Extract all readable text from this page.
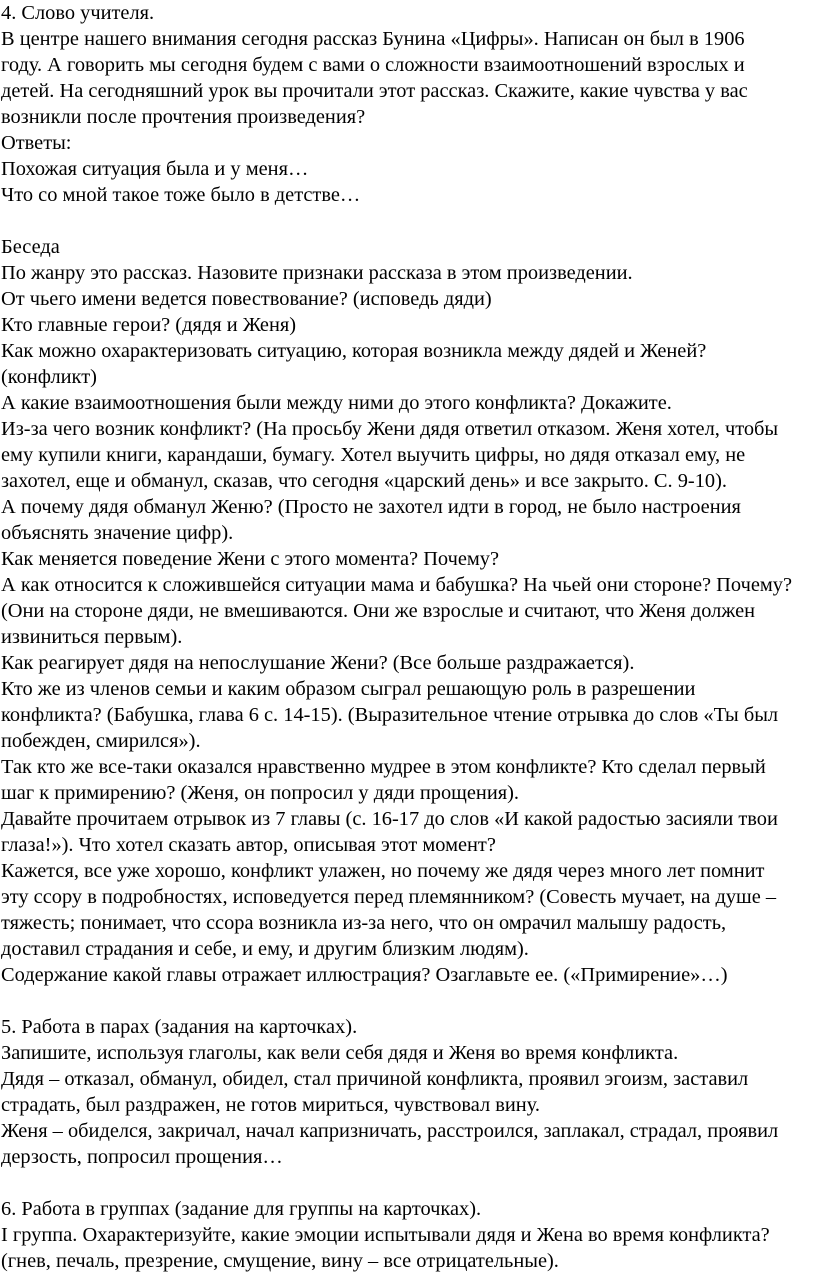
4. Слово учителя.
В центре нашего внимания сегодня рассказ Бунина «Цифры». Написан он был в 1906
году. А говорить мы сегодня будем с вами о сложности взаимоотношений взрослых и
детей. На сегодняшний урок вы прочитали этот рассказ. Скажите, какие чувства у вас
возникли после прочтения произведения?
Ответы:
Похожая ситуация была и у меня…
Что со мной такое тоже было в детстве…
Беседа
По жанру это рассказ. Назовите признаки рассказа в этом произведении.
От чьего имени ведется повествование? (исповедь дяди)
Кто главные герои? (дядя и Женя)
Как можно охарактеризовать ситуацию, которая возникла между дядей и Женей?
(конфликт)
А какие взаимоотношения были между ними до этого конфликта? Докажите.
Из-за чего возник конфликт? (На просьбу Жени дядя ответил отказом. Женя хотел, чтобы
ему купили книги, карандаши, бумагу. Хотел выучить цифры, но дядя отказал ему, не
захотел, еще и обманул, сказав, что сегодня «царский день» и все закрыто. С. 9-10).
А почему дядя обманул Женю? (Просто не захотел идти в город, не было настроения
объяснять значение цифр).
Как меняется поведение Жени с этого момента? Почему?
А как относится к сложившейся ситуации мама и бабушка? На чьей они стороне? Почему?
(Они на стороне дяди, не вмешиваются. Они же взрослые и считают, что Женя должен
извиниться первым).
Как реагирует дядя на непослушание Жени? (Все больше раздражается).
Кто же из членов семьи и каким образом сыграл решающую роль в разрешении
конфликта? (Бабушка, глава 6 с. 14-15). (Выразительное чтение отрывка до слов «Ты был
побежден, смирился»).
Так кто же все-таки оказался нравственно мудрее в этом конфликте? Кто сделал первый
шаг к примирению? (Женя, он попросил у дяди прощения).
Давайте прочитаем отрывок из 7 главы (с. 16-17 до слов «И какой радостью засияли твои
глаза!»). Что хотел сказать автор, описывая этот момент?
Кажется, все уже хорошо, конфликт улажен, но почему же дядя через много лет помнит
эту ссору в подробностях, исповедуется перед племянником? (Совесть мучает, на душе –
тяжесть; понимает, что ссора возникла из-за него, что он омрачил малышу радость,
доставил страдания и себе, и ему, и другим близким людям).
Содержание какой главы отражает иллюстрация? Озаглавьте ее. («Примирение»…)
5. Работа в парах (задания на карточках).
Запишите, используя глаголы, как вели себя дядя и Женя во время конфликта.
Дядя – отказал, обманул, обидел, стал причиной конфликта, проявил эгоизм, заставил
страдать, был раздражен, не готов мириться, чувствовал вину.
Женя – обиделся, закричал, начал капризничать, расстроился, заплакал, страдал, проявил
дерзость, попросил прощения…
6. Работа в группах (задание для группы на карточках).
I группа. Охарактеризуйте, какие эмоции испытывали дядя и Жена во время конфликта?
(гнев, печаль, презрение, смущение, вину – все отрицательные).
